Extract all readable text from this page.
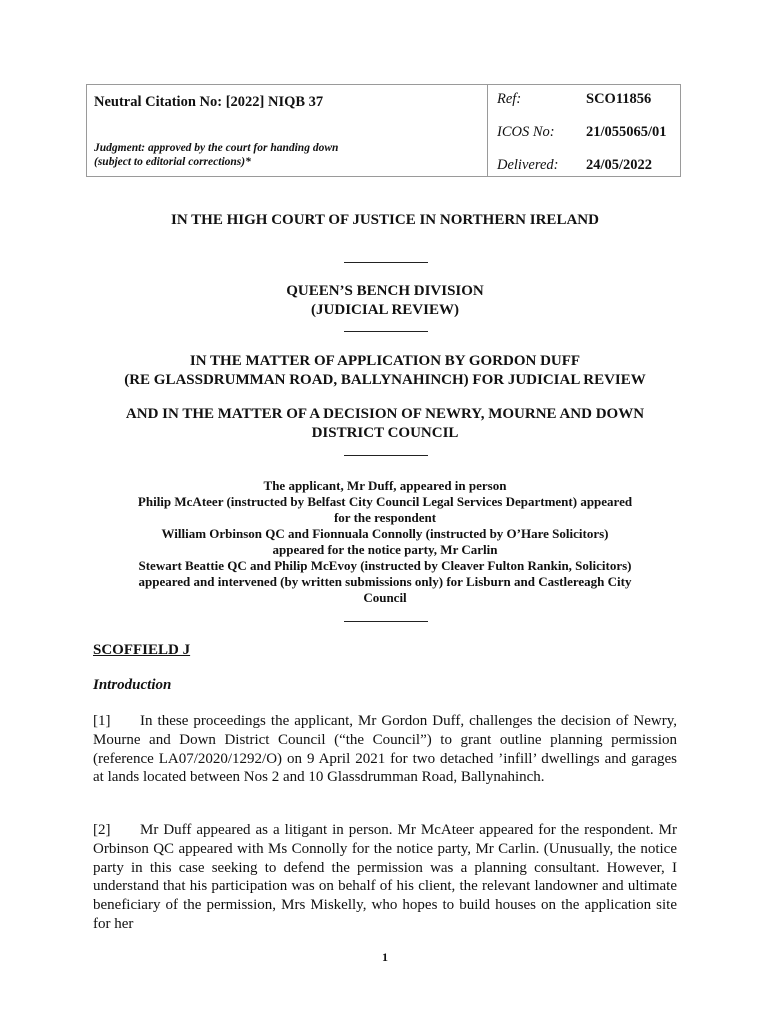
Neutral Citation No: [2022] NIQB 37
Judgment: approved by the court for handing down
(subject to editorial corrections)*
Ref:	SCO11856
ICOS No: 21/055065/01
Delivered: 24/05/2022
IN THE HIGH COURT OF JUSTICE IN NORTHERN IRELAND
QUEEN’S BENCH DIVISION
(JUDICIAL REVIEW)
IN THE MATTER OF APPLICATION BY GORDON DUFF
(RE GLASSDRUMMAN ROAD, BALLYNAHINCH) FOR JUDICIAL REVIEW
AND IN THE MATTER OF A DECISION OF NEWRY, MOURNE AND DOWN
DISTRICT COUNCIL
The applicant, Mr Duff, appeared in person
Philip McAteer (instructed by Belfast City Council Legal Services Department) appeared
for the respondent
William Orbinson QC and Fionnuala Connolly (instructed by O’Hare Solicitors)
appeared for the notice party, Mr Carlin
Stewart Beattie QC and Philip McEvoy (instructed by Cleaver Fulton Rankin, Solicitors)
appeared and intervened (by written submissions only) for Lisburn and Castlereagh City
Council
SCOFFIELD J
Introduction
[1] In these proceedings the applicant, Mr Gordon Duff, challenges the decision of Newry, Mourne and Down District Council (“the Council”) to grant outline planning permission (reference LA07/2020/1292/O) on 9 April 2021 for two detached ’infill’ dwellings and garages at lands located between Nos 2 and 10 Glassdrumman Road, Ballynahinch.
[2] Mr Duff appeared as a litigant in person. Mr McAteer appeared for the respondent. Mr Orbinson QC appeared with Ms Connolly for the notice party, Mr Carlin. (Unusually, the notice party in this case seeking to defend the permission was a planning consultant. However, I understand that his participation was on behalf of his client, the relevant landowner and ultimate beneficiary of the permission, Mrs Miskelly, who hopes to build houses on the application site for her
1
